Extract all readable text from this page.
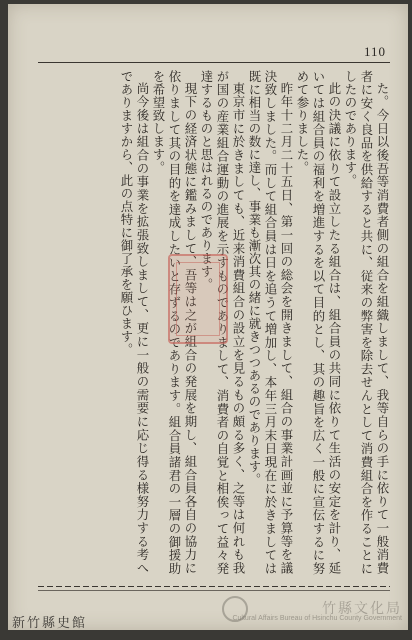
110

た。今日以後吾等消費者側の組合を組織しまして、我等自らの手に依りて一般消費者に安く良品を供給すると共に、従来の弊害を除去せんとして消費組合を作ることにしたのであります。

此の決議に依りて設立したる組合は、組合員の共同に依りて生活の安定を計り、延いては組合員の福利を増進するを以て目的とし、其の趣旨を広く一般に宣伝するに努めて参りました。

昨年十二月二十五日、第一回の総会を開きまして、組合の事業計画並に予算等を議決致しました。而して組合員は日を追うて増加し、本年三月末日現在に於きましては既に相当の数に達し、事業も漸次其の緒に就きつつあるのであります。

東京市に於きましても、近来消費組合の設立を見るもの頗る多く、之等は何れも我が国の産業組合運動の進展を示すものでありまして、消費者の自覚と相俟って益々発達するものと思はれるのであります。

現下の経済状態に鑑みまして、吾等は之が組合の発展を期し、組合員各自の協力に依りまして其の目的を達成したいと存ずるのであります。組合員諸君の一層の御援助を希望致します。

尚今後は組合の事業を拡張致しまして、更に一般の需要に応じ得る様努力する考へでありますから、此の点特に御了承を願ひます。

新竹縣史館
竹縣文化局
Cultural Affairs Bureau of Hsinchu County Government
